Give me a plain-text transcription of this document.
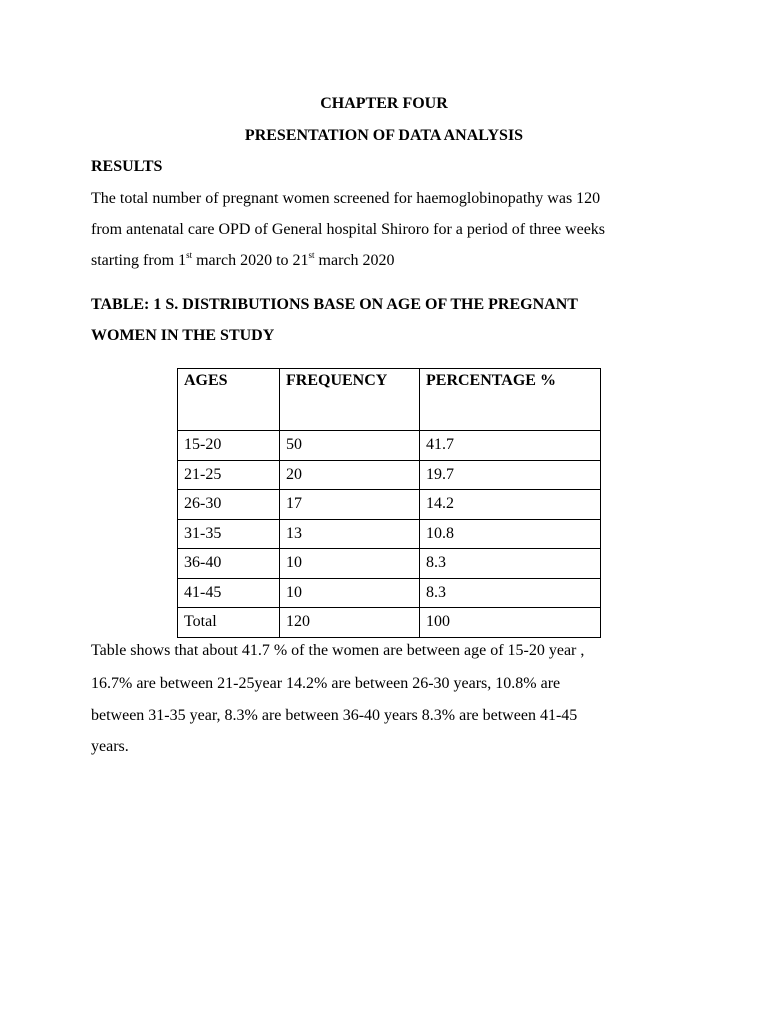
CHAPTER FOUR
PRESENTATION OF DATA ANALYSIS
RESULTS
The total number of pregnant women screened for haemoglobinopathy was 120
from antenatal care OPD of General hospital Shiroro for a period of three weeks
starting from 1st march 2020 to 21st march 2020
TABLE: 1 S. DISTRIBUTIONS BASE ON AGE OF THE PREGNANT
WOMEN IN THE STUDY
AGES	FREQUENCY	PERCENTAGE %
15-20	50	41.7
21-25	20	19.7
26-30	17	14.2
31-35	13	10.8
36-40	10	8.3
41-45	10	8.3
Total	120	100
Table shows that about 41.7 % of the women are between age of 15-20 year ,
16.7% are between 21-25year 14.2% are between 26-30 years, 10.8% are
between 31-35 year, 8.3% are between 36-40 years 8.3% are between 41-45
years.
